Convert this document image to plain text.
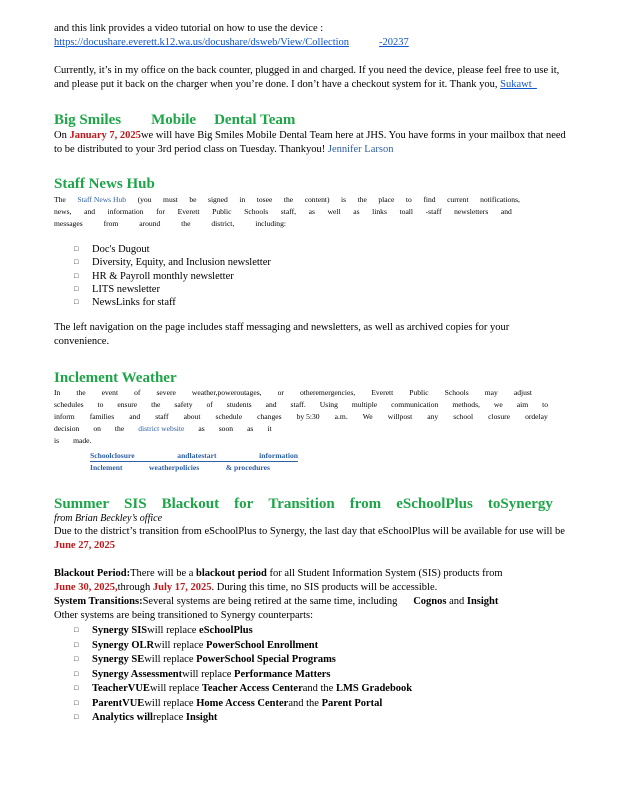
and this link provides a video tutorial on how to use the device :

https://docushare.everett.k12.wa.us/docushare/dsweb/View/Collection	-20237

Currently, it’s in my office on the back counter, plugged in and charged. If you need the device, please feel free to use it, and please put it back on the charger when you’re done. I don’t have a checkout system for it. Thank you, Sukawt

Big Smiles Mobile Dental Team

On January 7, 2025we will have Big Smiles Mobile Dental Team here at JHS. You have forms in your mailbox that need to be distributed to your 3rd period class on Tuesday. Thankyou! Jennifer Larson

Staff News Hub
The Staff News Hub (you must be signed in tosee the content) is the place to find current notifications,
news, and information for Everett Public Schools staff, as well as links toall -staff newsletters and
messages	from	around	the	district,	including:
□	Doc's Dugout
□	Diversity, Equity, and Inclusion newsletter
□	HR & Payroll monthly newsletter
□	LITS newsletter
□	NewsLinks for staff

The left navigation on the page includes staff messaging and newsletters, as well as archived copies for your convenience.

Inclement Weather
In the event of severe weather,poweroutages, or otheremergencies, Everett Public Schools may adjust
schedules to ensure the safety of students and staff. Using multiple communication methods, we aim to
inform families and staff about schedule changes by 5:30 a.m. We willpost any school closure ordelay
decision on the district website as soon as it
is made.
Schoolclosure	andlatestart	information
Inclement	weatherpolicies	& procedures
Summer SIS Blackout for Transition from eSchoolPlus toSynergy

from Brian Beckley’s office

Due to the district’s transition from eSchoolPlus to Synergy, the last day that eSchoolPlus will be available for use will be June 27, 2025

Blackout Period:There will be a blackout period for all Student Information System (SIS) products from
June 30, 2025,through July 17, 2025. During this time, no SIS products will be accessible.

System Transitions:Several systems are being retired at the same time, including Cognos and Insight
Other systems are being transitioned to Synergy counterparts:

□	Synergy SISwill replace eSchoolPlus
□	Synergy OLRwill replace PowerSchool Enrollment
□	Synergy SEwill replace PowerSchool Special Programs
□	Synergy Assessmentwill replace Performance Matters
□	TeacherVUEwill replace Teacher Access Centerand the LMS Gradebook
□	ParentVUEwill replace Home Access Centerand the Parent Portal
□	Analytics willreplace Insight
